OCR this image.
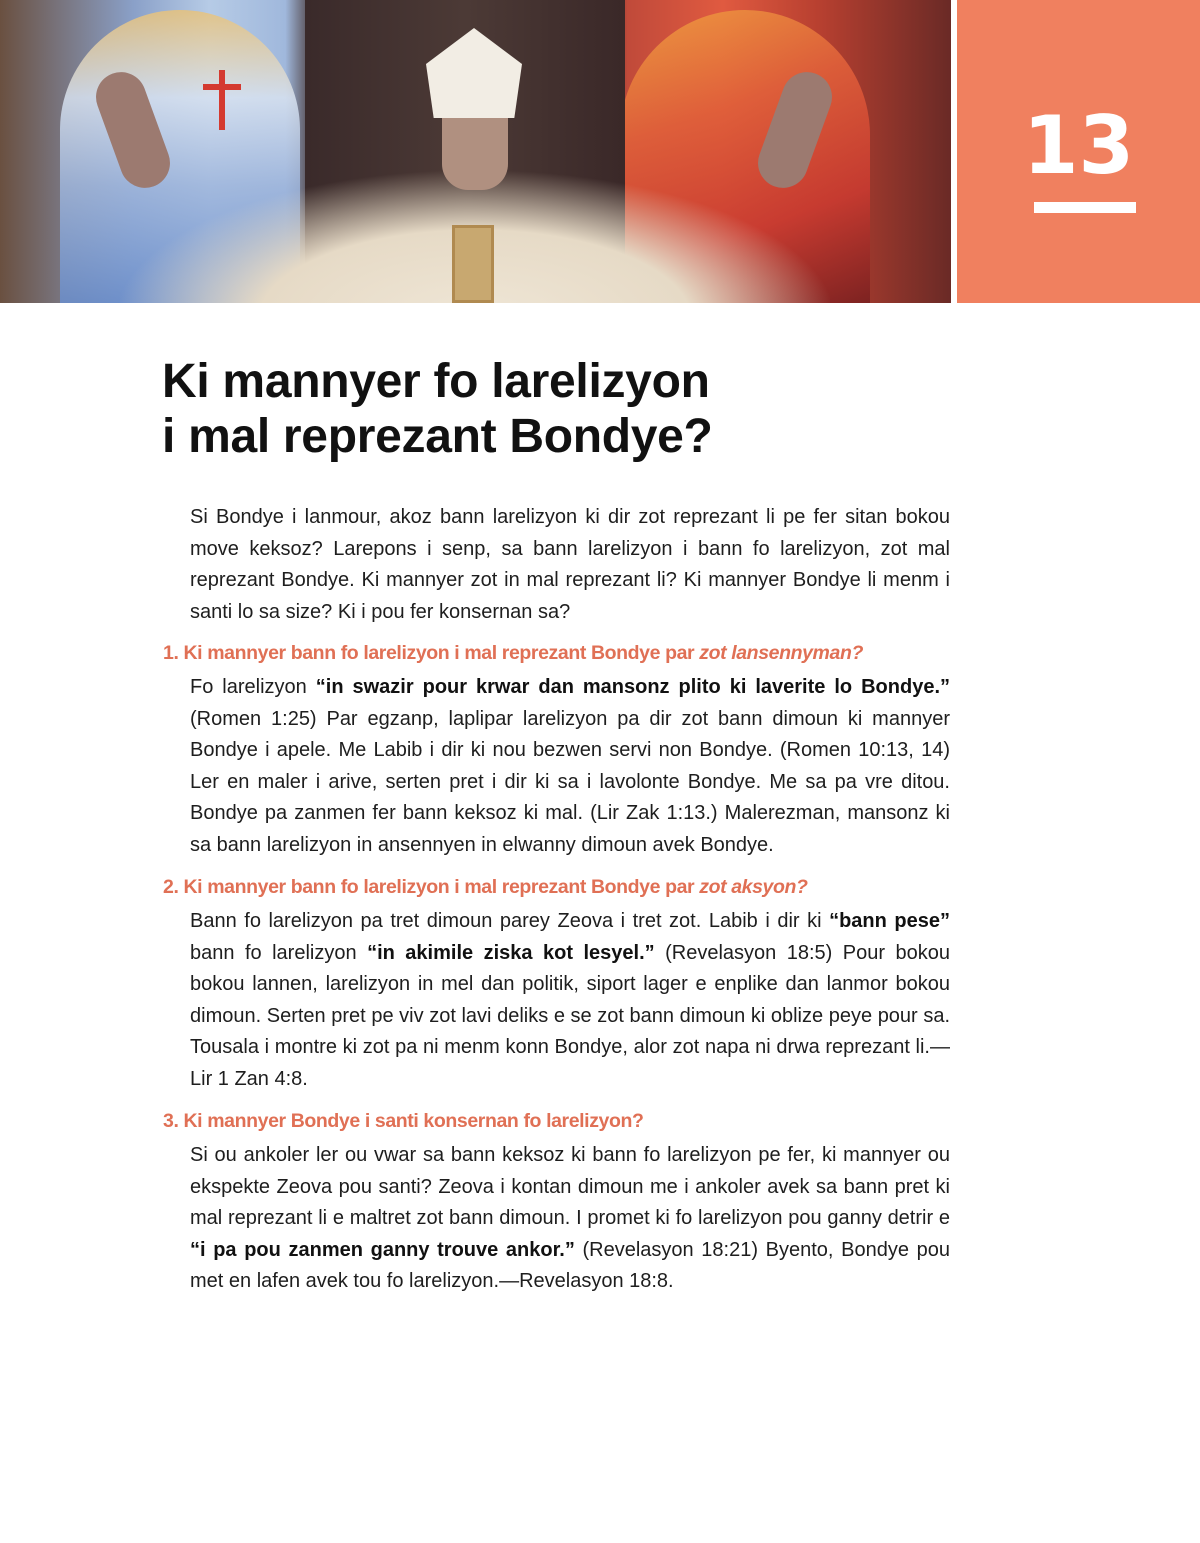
13
Ki mannyer fo larelizyon
i mal reprezant Bondye?

Si Bondye i lanmour, akoz bann larelizyon ki dir zot reprezant li pe fer sitan bokou move keksoz? Larepons i senp, sa bann larelizyon i bann fo larelizyon, zot mal reprezant Bondye. Ki mannyer zot in mal reprezant li? Ki mannyer Bondye li menm i santi lo sa size? Ki i pou fer konsernan sa?

1. Ki mannyer bann fo larelizyon i mal reprezant Bondye par zot lansennyman?

Fo larelizyon “in swazir pour krwar dan mansonz plito ki laverite lo Bondye.” (Romen 1:25) Par egzanp, laplipar larelizyon pa dir zot bann dimoun ki mannyer Bondye i apele. Me Labib i dir ki nou bezwen servi non Bondye. (Romen 10:13, 14) Ler en maler i arive, serten pret i dir ki sa i lavolonte Bondye. Me sa pa vre ditou. Bondye pa zanmen fer bann keksoz ki mal. (Lir Zak 1:13.) Malerezman, mansonz ki sa bann larelizyon in ansennyen in elwanny dimoun avek Bondye.

2. Ki mannyer bann fo larelizyon i mal reprezant Bondye par zot aksyon?

Bann fo larelizyon pa tret dimoun parey Zeova i tret zot. Labib i dir ki “bann pese” bann fo larelizyon “in akimile ziska kot lesyel.” (Revelasyon 18:5) Pour bokou bokou lannen, larelizyon in mel dan politik, siport lager e enplike dan lanmor bokou dimoun. Serten pret pe viv zot lavi deliks e se zot bann dimoun ki oblize peye pour sa. Tousala i montre ki zot pa ni menm konn Bondye, alor zot napa ni drwa reprezant li.—Lir 1 Zan 4:8.

3. Ki mannyer Bondye i santi konsernan fo larelizyon?

Si ou ankoler ler ou vwar sa bann keksoz ki bann fo larelizyon pe fer, ki mannyer ou ekspekte Zeova pou santi? Zeova i kontan dimoun me i ankoler avek sa bann pret ki mal reprezant li e maltret zot bann dimoun. I promet ki fo larelizyon pou ganny detrir e “i pa pou zanmen ganny trouve ankor.” (Revelasyon 18:21) Byento, Bondye pou met en lafen avek tou fo larelizyon.—Revelasyon 18:8.
